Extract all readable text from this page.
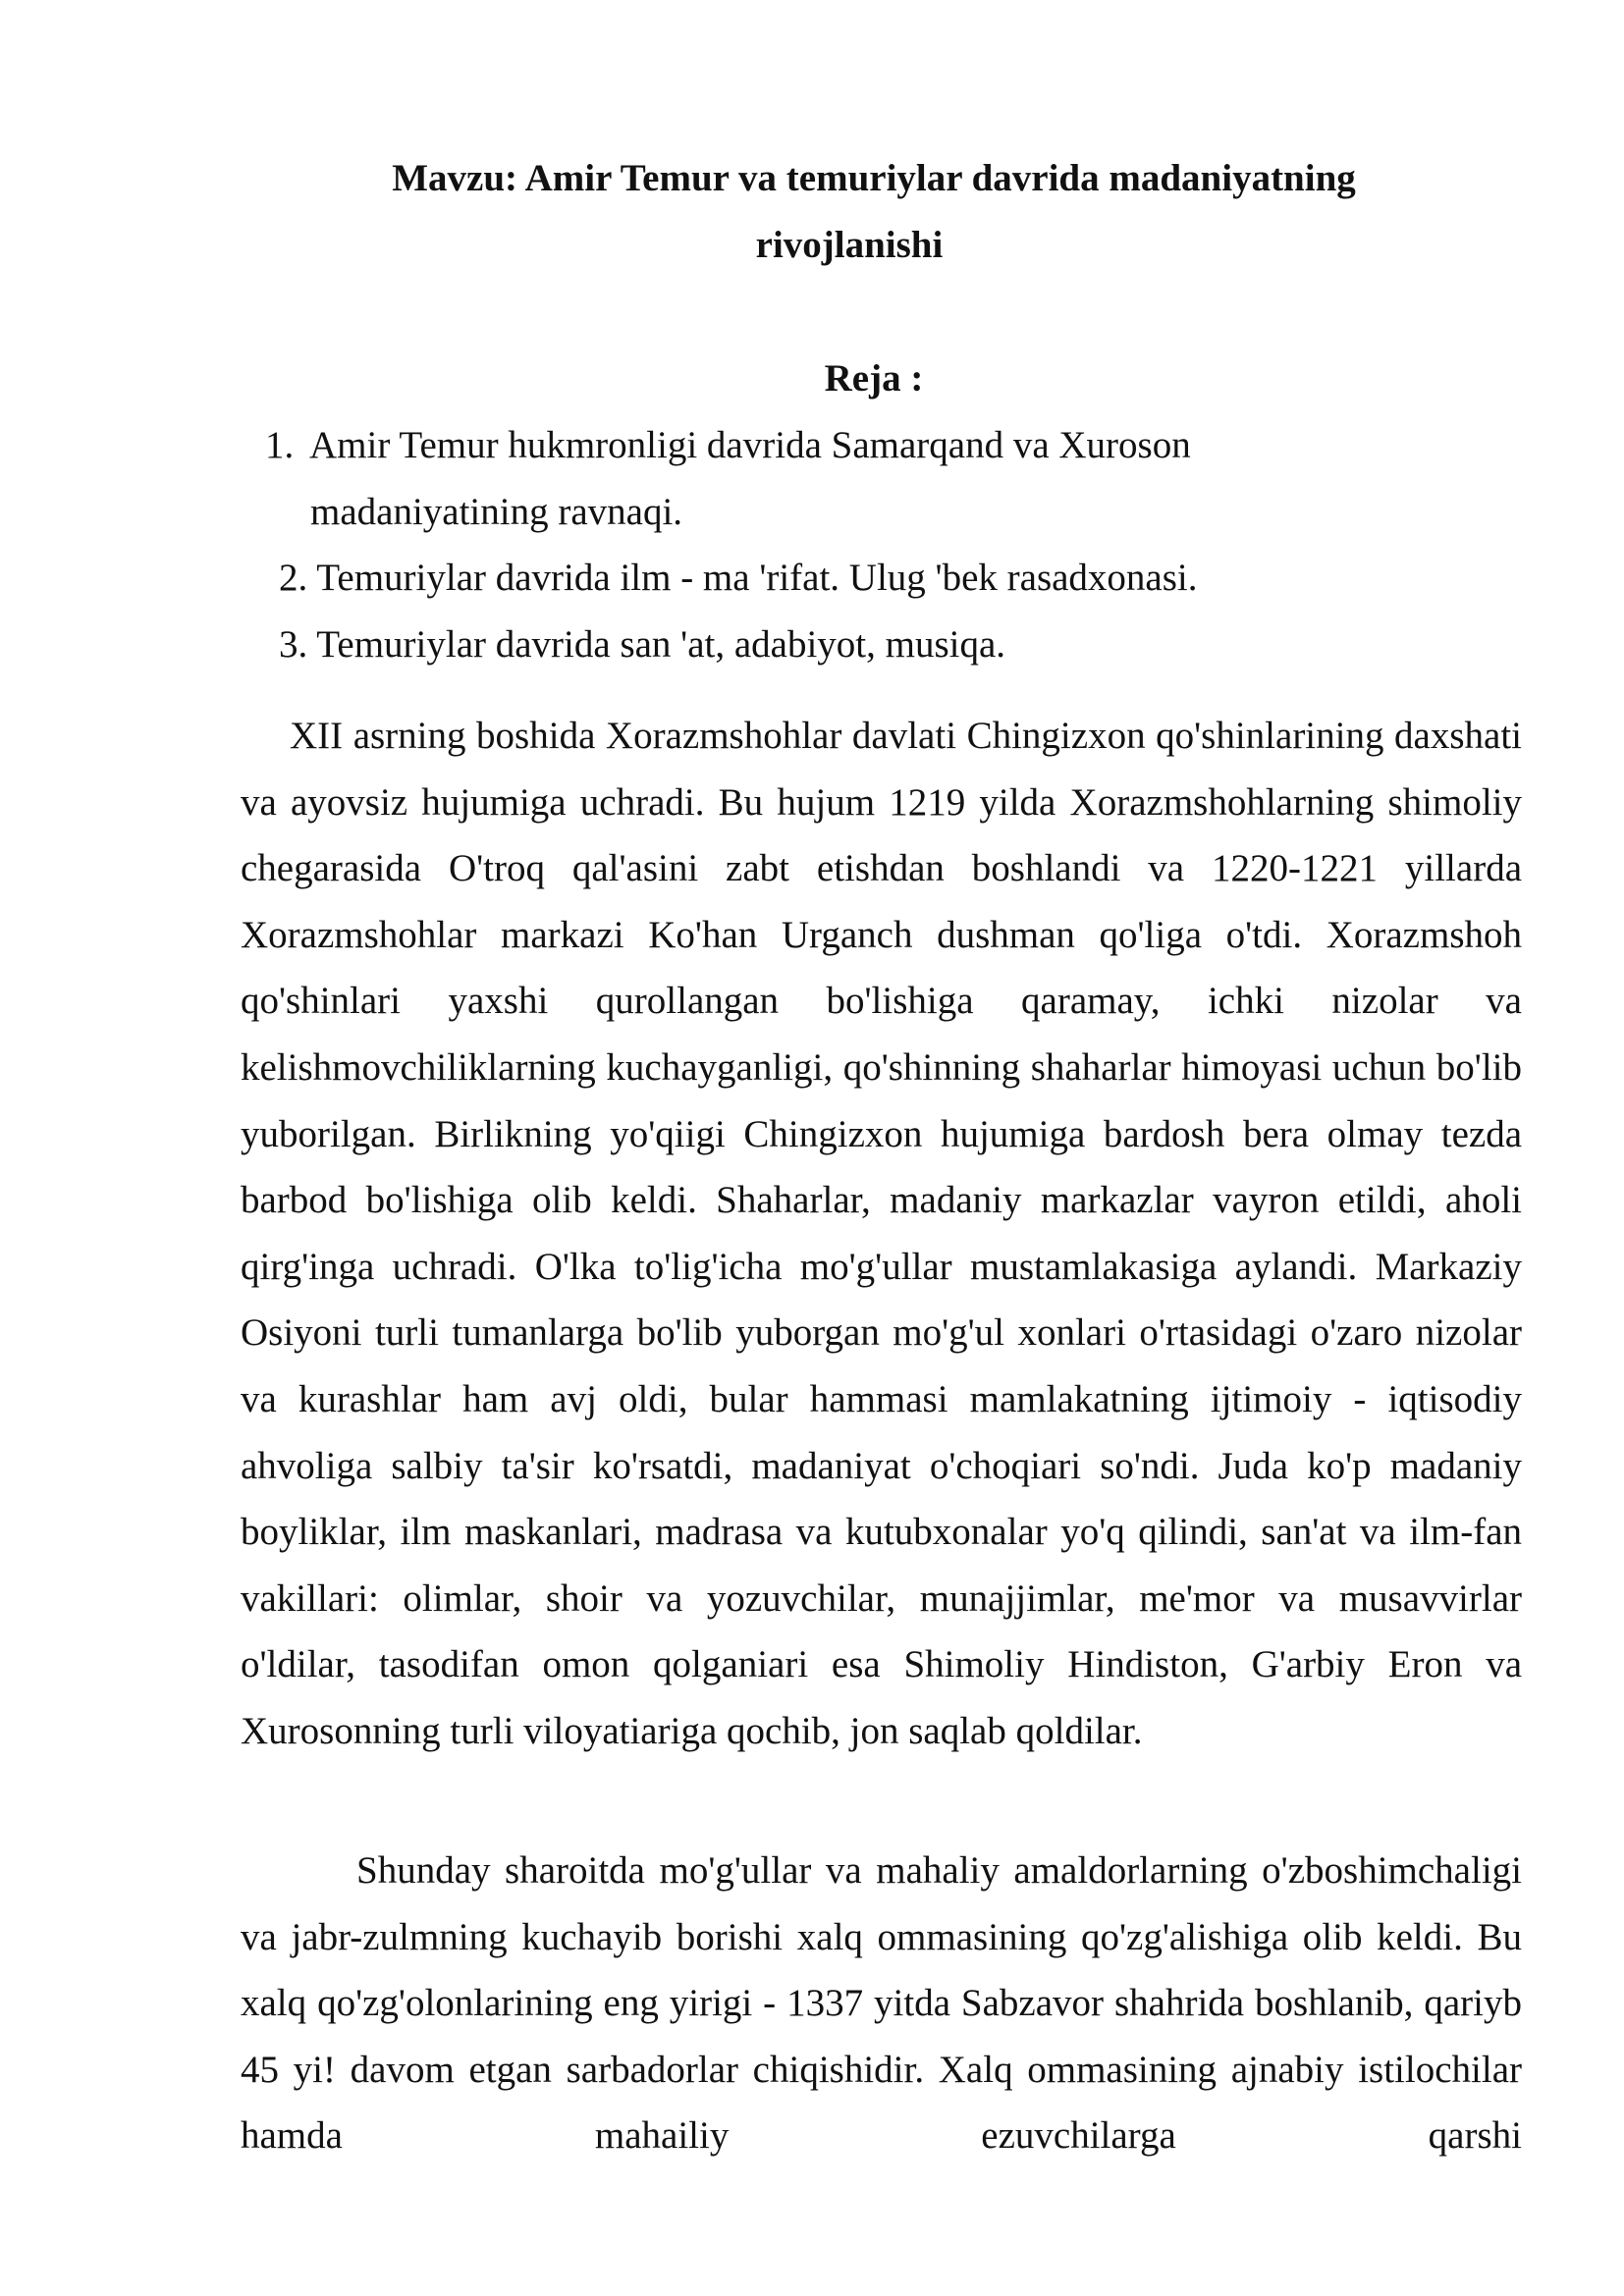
Mavzu: Amir Temur va temuriylar davrida madaniyatning
rivojlanishi
Reja :
1. Amir Temur hukmronligi davrida Samarqand va Xuroson
madaniyatining ravnaqi.
2. Temuriylar davrida ilm - ma 'rifat. Ulug 'bek rasadxonasi.
3. Temuriylar davrida san 'at, adabiyot, musiqa.

XII asrning boshida Xorazmshohlar davlati Chingizxon qo'shinlarining daxshati va ayovsiz hujumiga uchradi. Bu hujum 1219 yilda Xorazmshohlarning shimoliy chegarasida O'troq qal'asini zabt etishdan boshlandi va 1220-1221 yillarda Xorazmshohlar markazi Ko'han Urganch dushman qo'liga o'tdi. Xorazmshoh qo'shinlari yaxshi qurollangan bo'lishiga qaramay, ichki nizolar va kelishmovchiliklarning kuchayganligi, qo'shinning shaharlar himoyasi uchun bo'lib yuborilgan. Birlikning yo'qiigi Chingizxon hujumiga bardosh bera olmay tezda barbod bo'lishiga olib keldi. Shaharlar, madaniy markazlar vayron etildi, aholi qirg'inga uchradi. O'lka to'lig'icha mo'g'ullar mustamlakasiga aylandi. Markaziy Osiyoni turli tumanlarga bo'lib yuborgan mo'g'ul xonlari o'rtasidagi o'zaro nizolar va kurashlar ham avj oldi, bular hammasi mamlakatning ijtimoiy - iqtisodiy ahvoliga salbiy ta'sir ko'rsatdi, madaniyat o'choqiari so'ndi. Juda ko'p madaniy boyliklar, ilm maskanlari, madrasa va kutubxonalar yo'q qilindi, san'at va ilm-fan vakillari: olimlar, shoir va yozuvchilar, munajjimlar, me'mor va musavvirlar o'ldilar, tasodifan omon qolganiari esa Shimoliy Hindiston, G'arbiy Eron va Xurosonning turli viloyatiariga qochib, jon saqlab qoldilar.

Shunday sharoitda mo'g'ullar va mahaliy amaldorlarning o'zboshimchaligi va jabr-zulmning kuchayib borishi xalq ommasining qo'zg'alishiga olib keldi. Bu xalq qo'zg'olonlarining eng yirigi - 1337 yitda Sabzavor shahrida boshlanib, qariyb 45 yi! davom etgan sarbadorlar chiqishidir. Xalq ommasining ajnabiy istilochilar hamda mahailiy ezuvchilarga qarshi
